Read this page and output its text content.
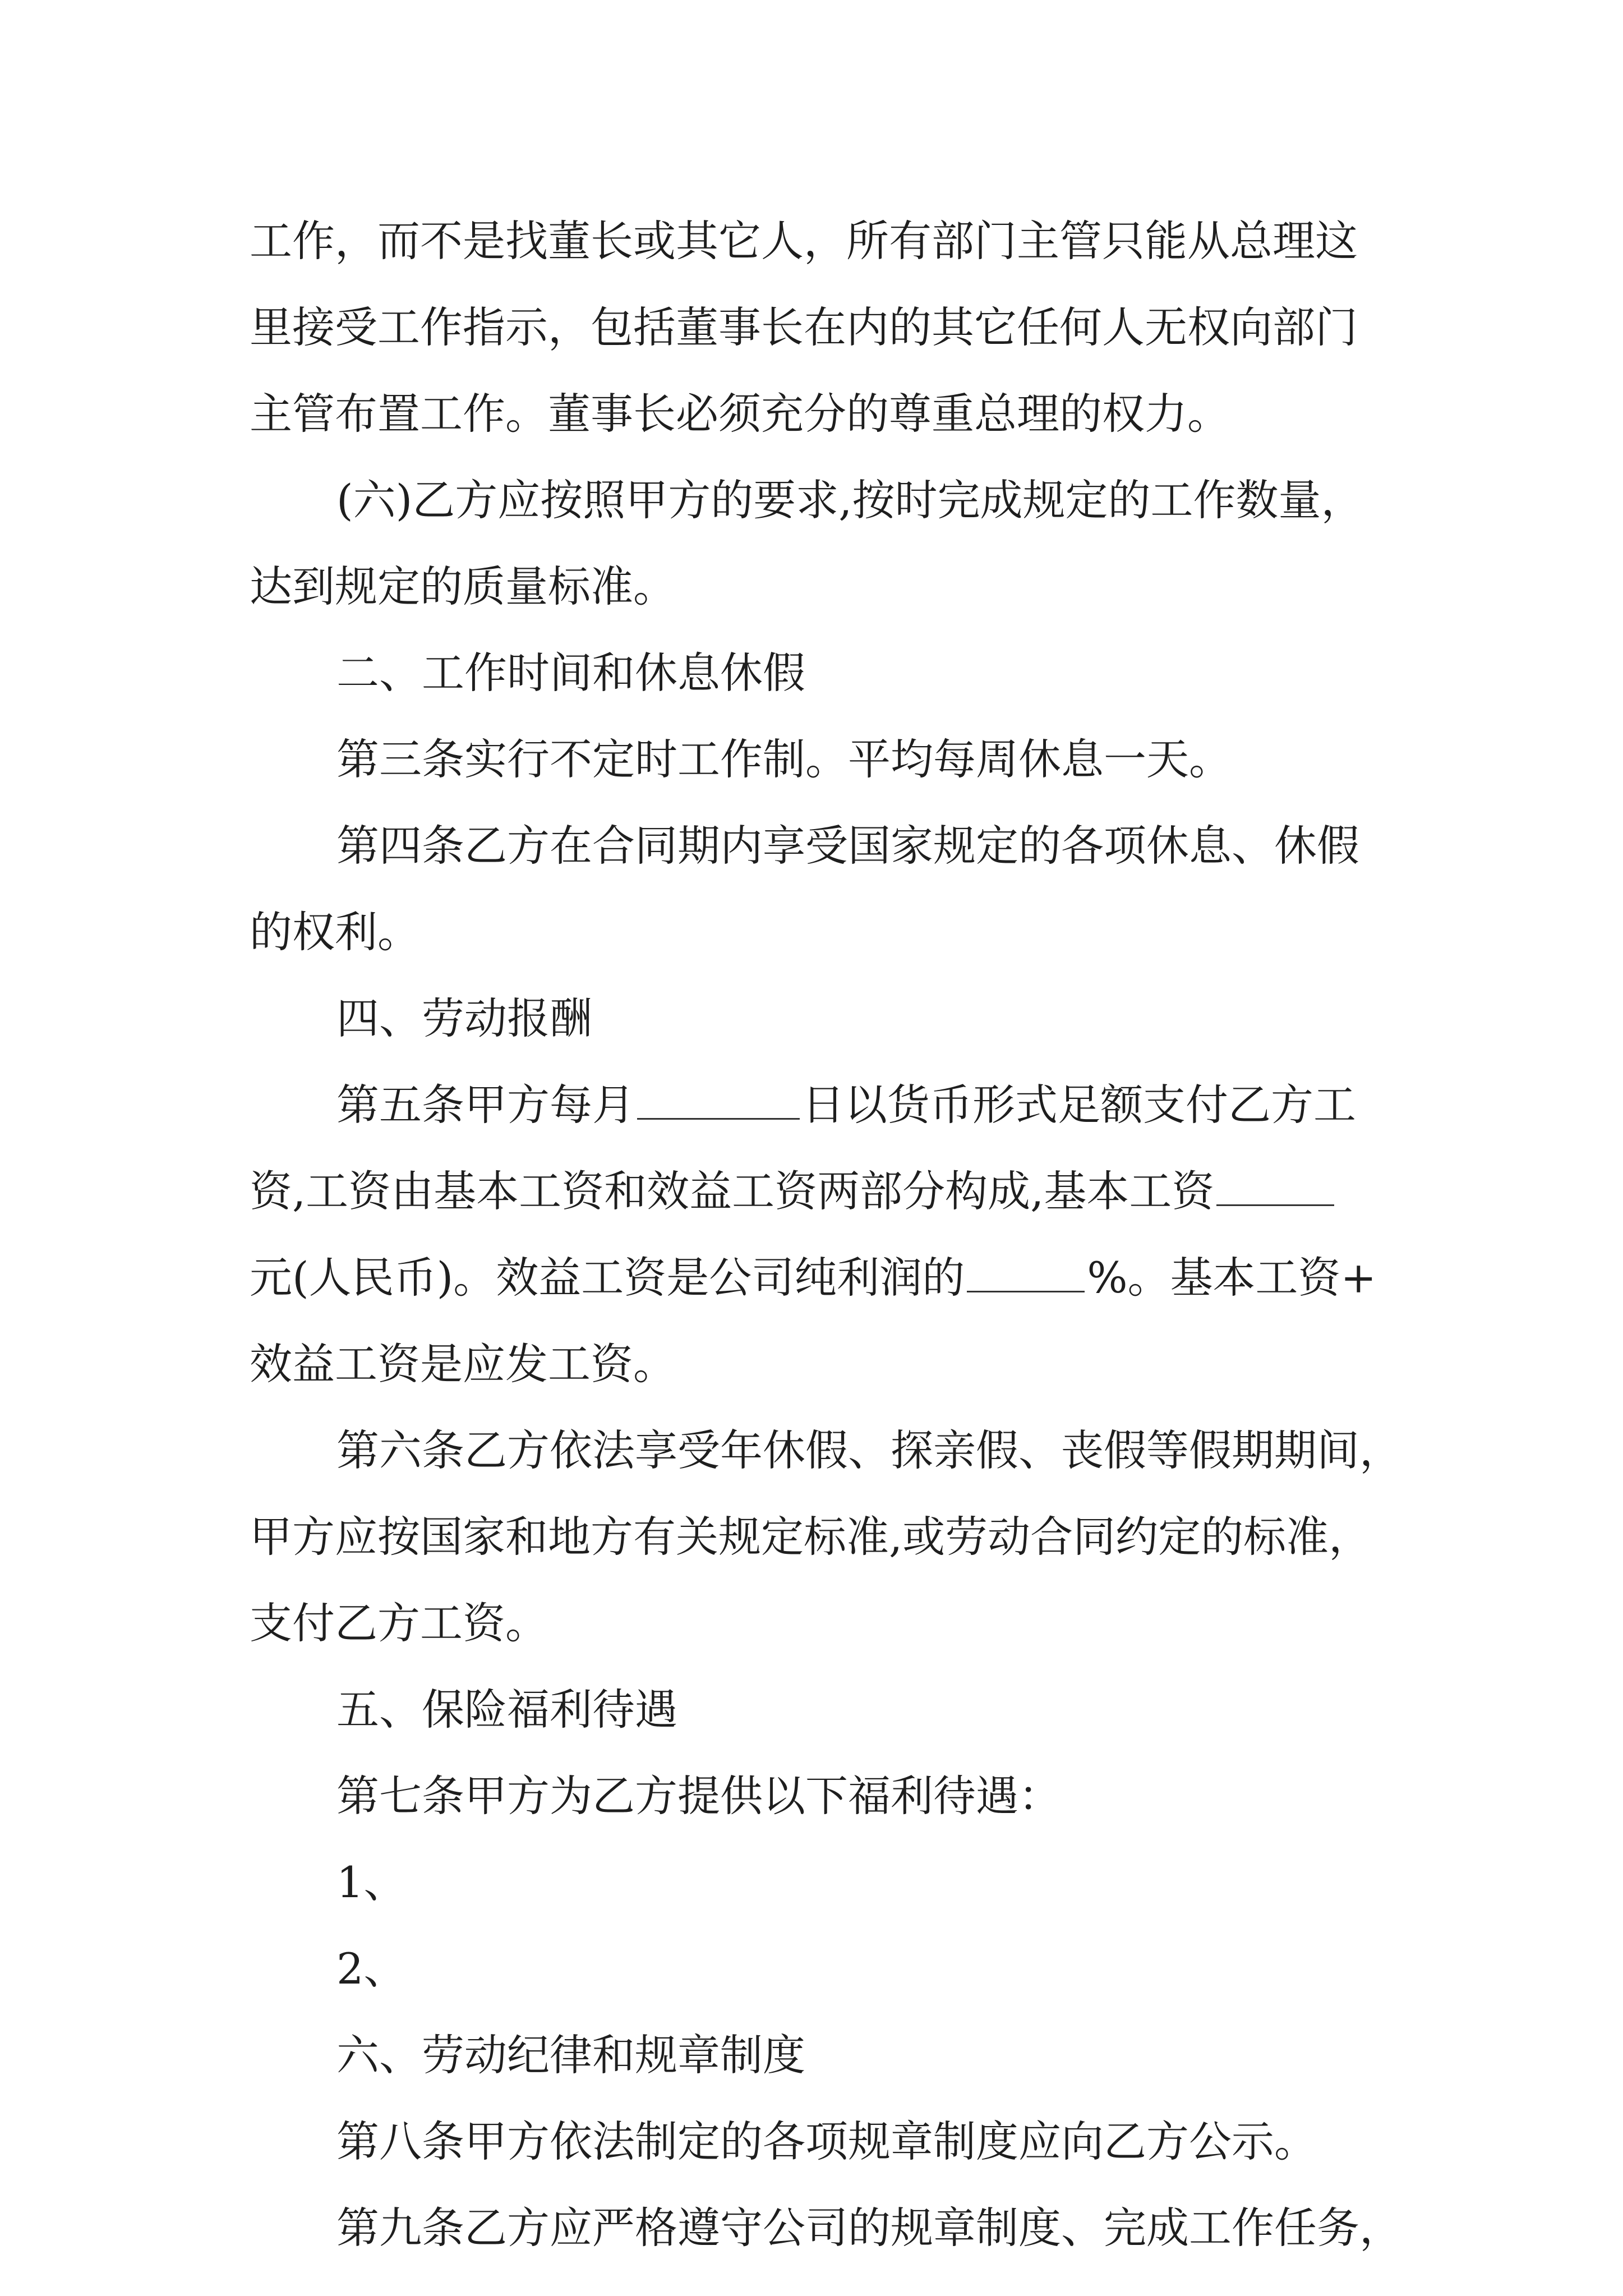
工作，而不是找董长或其它人，所有部门主管只能从总理这

里接受工作指示，包括董事长在内的其它任何人无权向部门

主管布置工作。董事长必须充分的尊重总理的权力。

(六)乙方应按照甲方的要求,按时完成规定的工作数量，

达到规定的质量标准。

二、工作时间和休息休假

第三条实行不定时工作制。平均每周休息一天。

第四条乙方在合同期内享受国家规定的各项休息、休假

的权利。

四、劳动报酬

第五条甲方每月	日以货币形式足额支付乙方工

资,工资由基本工资和效益工资两部分构成,基本工资

元(人民币)。效益工资是公司纯利润的	%。基本工资+

效益工资是应发工资。

第六条乙方依法享受年休假、探亲假、丧假等假期期间，

甲方应按国家和地方有关规定标准,或劳动合同约定的标准，

支付乙方工资。

五、保险福利待遇

第七条甲方为乙方提供以下福利待遇：

1、

2、

六、劳动纪律和规章制度

第八条甲方依法制定的各项规章制度应向乙方公示。

第九条乙方应严格遵守公司的规章制度、完成工作任务，
